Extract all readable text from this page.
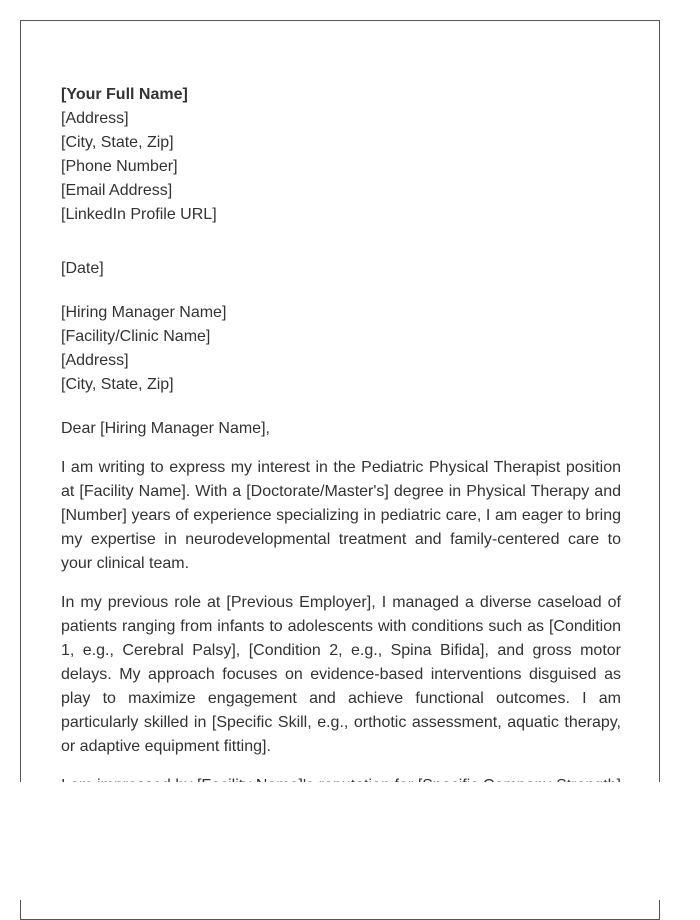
[Your Full Name]
[Address]
[City, State, Zip]
[Phone Number]
[Email Address]
[LinkedIn Profile URL]
[Date]
[Hiring Manager Name]
[Facility/Clinic Name]
[Address]
[City, State, Zip]
Dear [Hiring Manager Name],

I am writing to express my interest in the Pediatric Physical Therapist position at [Facility Name]. With a [Doctorate/Master's] degree in Physical Therapy and [Number] years of experience specializing in pediatric care, I am eager to bring my expertise in neurodevelopmental treatment and family-centered care to your clinical team.

In my previous role at [Previous Employer], I managed a diverse caseload of patients ranging from infants to adolescents with conditions such as [Condition 1, e.g., Cerebral Palsy], [Condition 2, e.g., Spina Bifida], and gross motor delays. My approach focuses on evidence-based interventions disguised as play to maximize engagement and achieve functional outcomes. I am particularly skilled in [Specific Skill, e.g., orthotic assessment, aquatic therapy, or adaptive equipment fitting].
